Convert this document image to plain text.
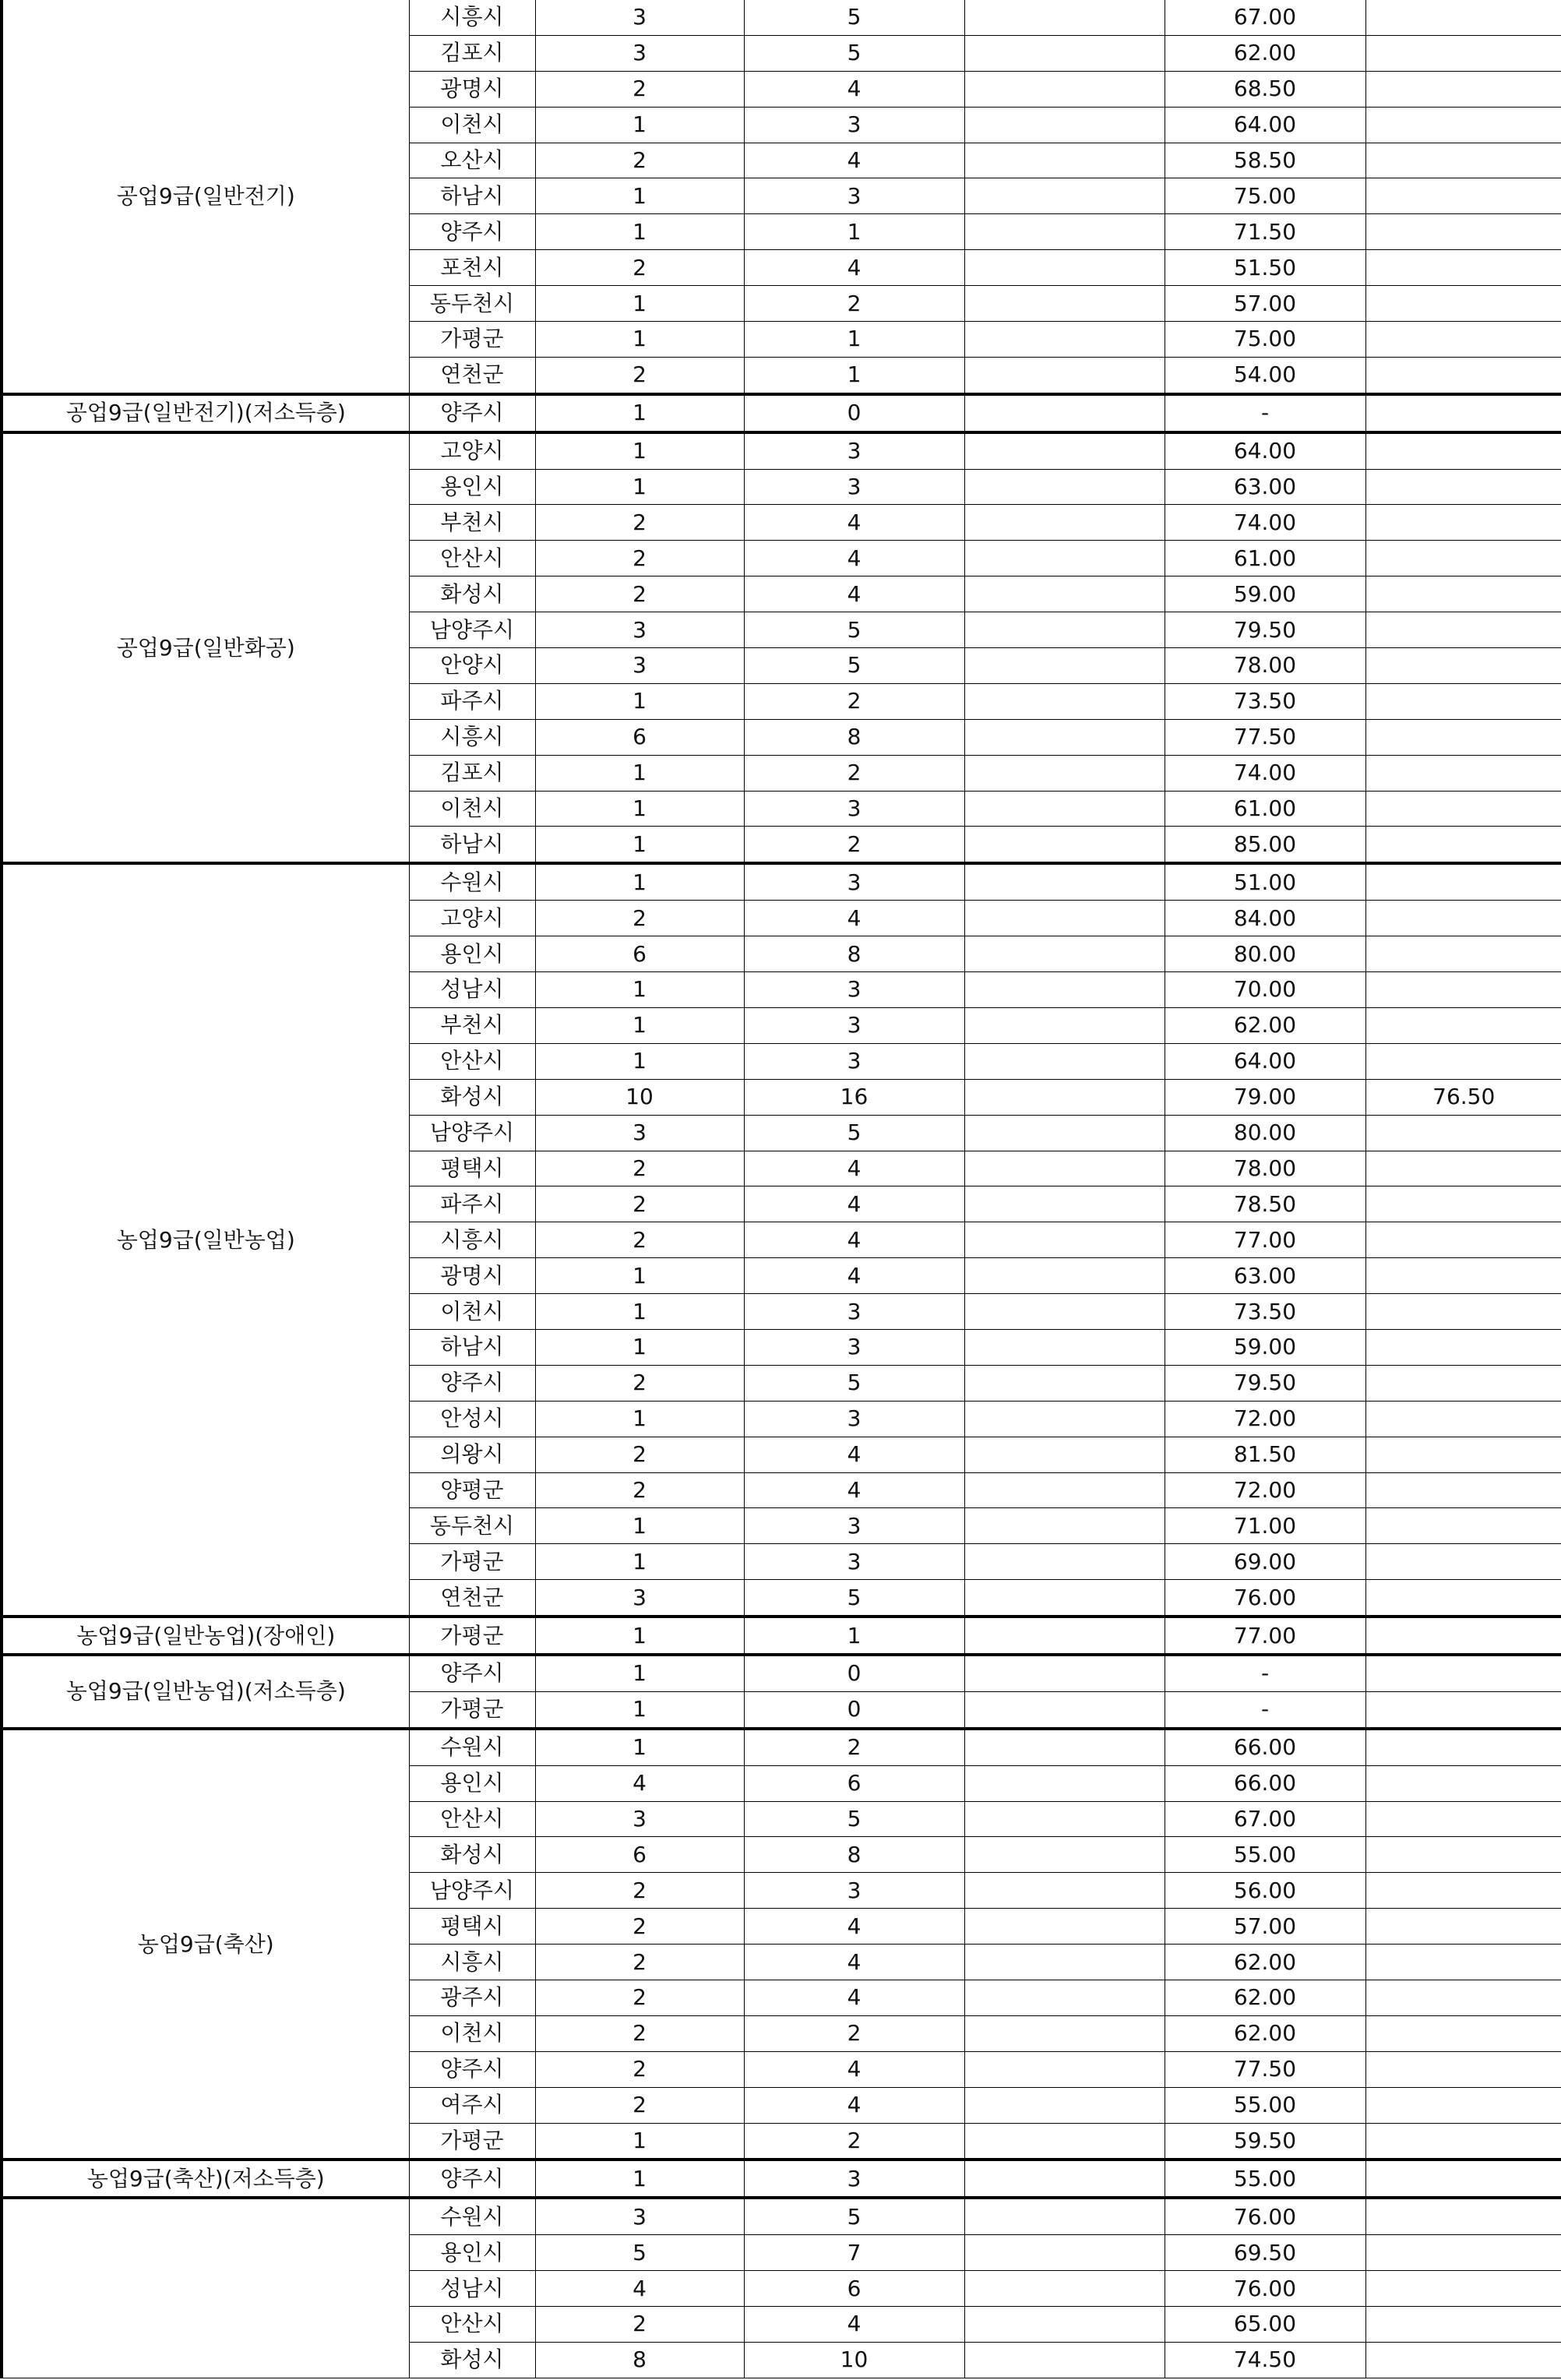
공업9급(일반전기)	시흥시	3	5		67.00	
	김포시	3	5		62.00	
	광명시	2	4		68.50	
	이천시	1	3		64.00	
	오산시	2	4		58.50	
	하남시	1	3		75.00	
	양주시	1	1		71.50	
	포천시	2	4		51.50	
	동두천시	1	2		57.00	
	가평군	1	1		75.00	
	연천군	2	1		54.00	
공업9급(일반전기)(저소득층)	양주시	1	0		-	
공업9급(일반화공)	고양시	1	3		64.00	
	용인시	1	3		63.00	
	부천시	2	4		74.00	
	안산시	2	4		61.00	
	화성시	2	4		59.00	
	남양주시	3	5		79.50	
	안양시	3	5		78.00	
	파주시	1	2		73.50	
	시흥시	6	8		77.50	
	김포시	1	2		74.00	
	이천시	1	3		61.00	
	하남시	1	2		85.00	
농업9급(일반농업)	수원시	1	3		51.00	
	고양시	2	4		84.00	
	용인시	6	8		80.00	
	성남시	1	3		70.00	
	부천시	1	3		62.00	
	안산시	1	3		64.00	
	화성시	10	16		79.00	76.50
	남양주시	3	5		80.00	
	평택시	2	4		78.00	
	파주시	2	4		78.50	
	시흥시	2	4		77.00	
	광명시	1	4		63.00	
	이천시	1	3		73.50	
	하남시	1	3		59.00	
	양주시	2	5		79.50	
	안성시	1	3		72.00	
	의왕시	2	4		81.50	
	양평군	2	4		72.00	
	동두천시	1	3		71.00	
	가평군	1	3		69.00	
	연천군	3	5		76.00	
농업9급(일반농업)(장애인)	가평군	1	1		77.00	
농업9급(일반농업)(저소득층)	양주시	1	0		-	
	가평군	1	0		-	
농업9급(축산)	수원시	1	2		66.00	
	용인시	4	6		66.00	
	안산시	3	5		67.00	
	화성시	6	8		55.00	
	남양주시	2	3		56.00	
	평택시	2	4		57.00	
	시흥시	2	4		62.00	
	광주시	2	4		62.00	
	이천시	2	2		62.00	
	양주시	2	4		77.50	
	여주시	2	4		55.00	
	가평군	1	2		59.50	
농업9급(축산)(저소득층)	양주시	1	3		55.00	
	수원시	3	5		76.00	
	용인시	5	7		69.50	
	성남시	4	6		76.00	
	안산시	2	4		65.00	
	화성시	8	10		74.50	
